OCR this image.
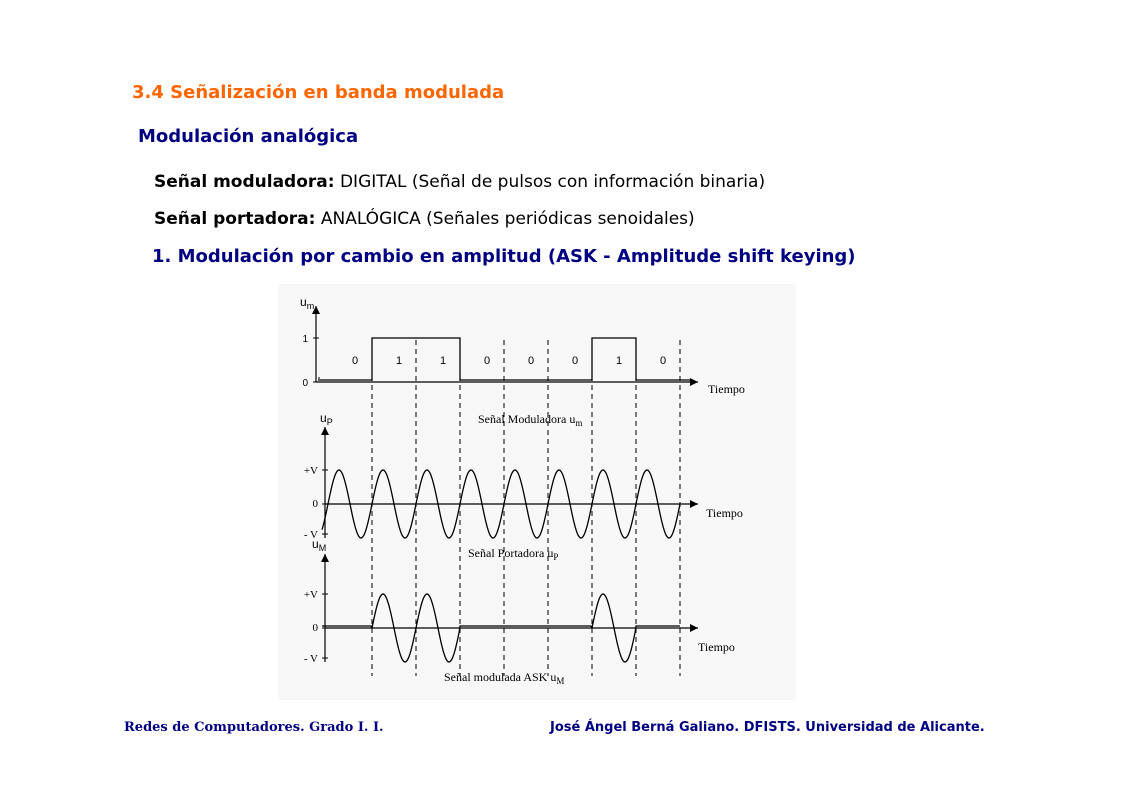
3.4 Señalización en banda modulada
Modulación analógica
Señal moduladora: DIGITAL (Señal de pulsos con información binaria)
Señal portadora: ANALÓGICA (Señales periódicas senoidales)
1. Modulación por cambio en amplitud (ASK - Amplitude shift keying)
0	1	1	0	0	0	1	0
$u_m$
1
0	Tiempo
Señal Moduladora $u_m$
$u_P$
+V
0
- V
Tiempo
Señal Portadora $u_P$
$u_M$
+V
0
- V
Tiempo
Señal modulada ASK $u_M$
Redes de Computadores. Grado I. I.	José Ángel Berná Galiano. DFISTS. Universidad de Alicante.
